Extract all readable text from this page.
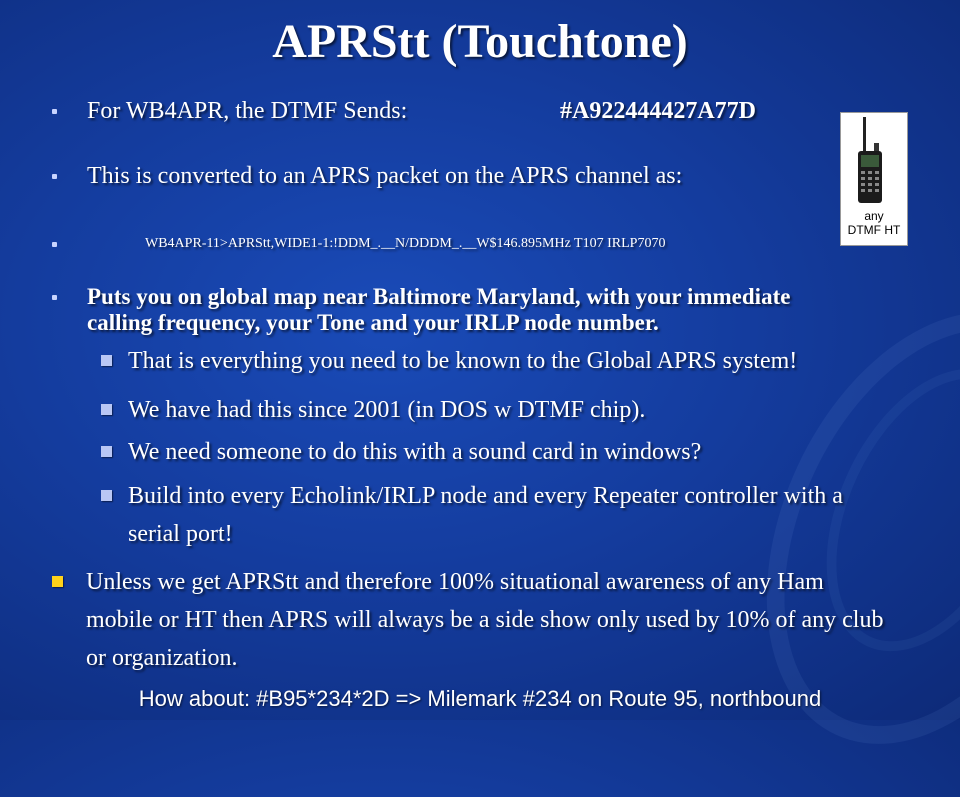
APRStt (Touchtone)
For WB4APR, the DTMF Sends:	#A922444427A77D
This is converted to an APRS packet on the APRS channel as:
WB4APR-11>APRStt,WIDE1-1:!DDM_.__N/DDDM_.__W$146.895MHz T107 IRLP7070
Puts you on global map near Baltimore Maryland, with your immediate calling frequency, your Tone and your IRLP node number.
That is everything you need to be known to the Global APRS system!
We have had this since 2001 (in DOS w DTMF chip).
We need someone to do this with a sound card in windows?
Build into every Echolink/IRLP node and every Repeater controller with a serial port!
Unless we get APRStt and therefore 100% situational awareness of any Ham mobile or HT then APRS will always be a side show only used by 10% of any club or organization.
How about: #B95*234*2D => Milemark #234 on Route 95, northbound
any
DTMF HT
